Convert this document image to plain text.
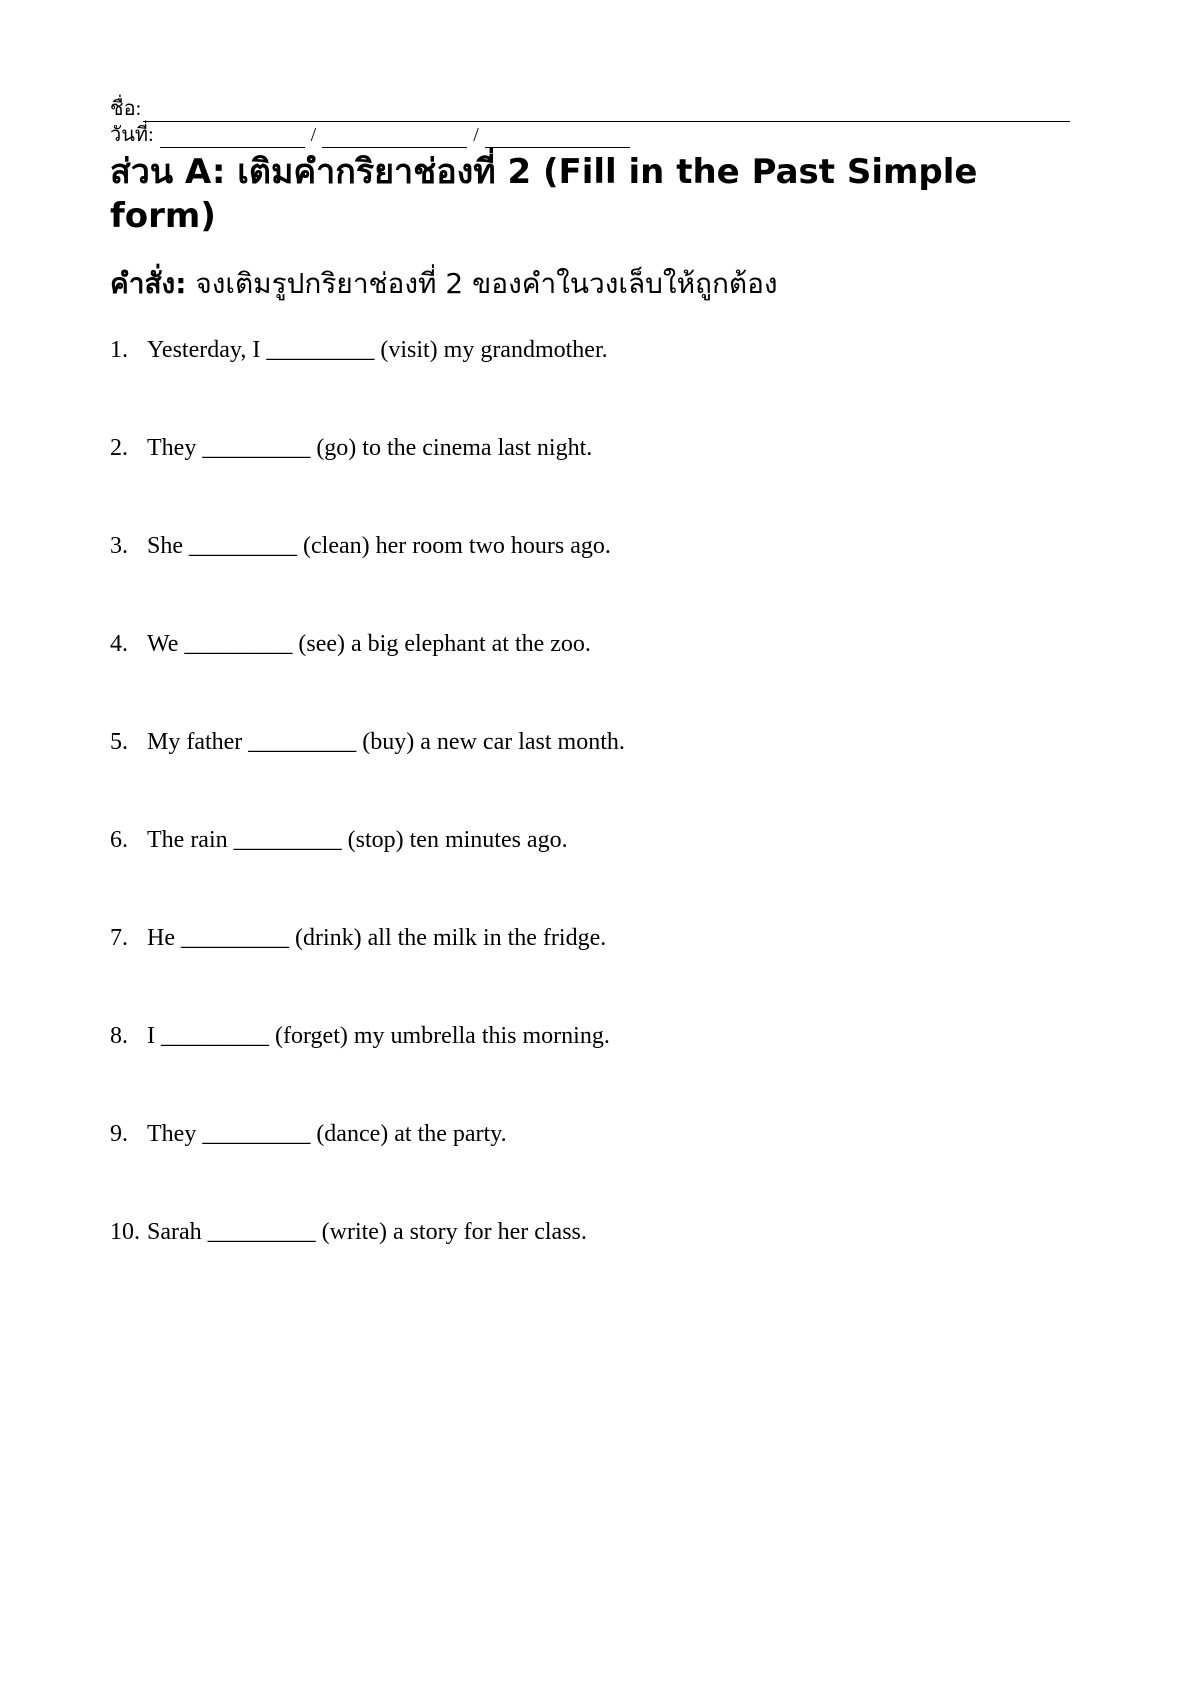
ชื่อ:
วันที่:	/	/
ส่วน A: เติมคำกริยาช่องที่ 2 (Fill in the Past Simple form)
คำสั่ง: จงเติมรูปกริยาช่องที่ 2 ของคำในวงเล็บให้ถูกต้อง
1. Yesterday, I _________ (visit) my grandmother.
2. They _________ (go) to the cinema last night.
3. She _________ (clean) her room two hours ago.
4. We _________ (see) a big elephant at the zoo.
5. My father _________ (buy) a new car last month.
6. The rain _________ (stop) ten minutes ago.
7. He _________ (drink) all the milk in the fridge.
8. I _________ (forget) my umbrella this morning.
9. They _________ (dance) at the party.
10. Sarah _________ (write) a story for her class.
